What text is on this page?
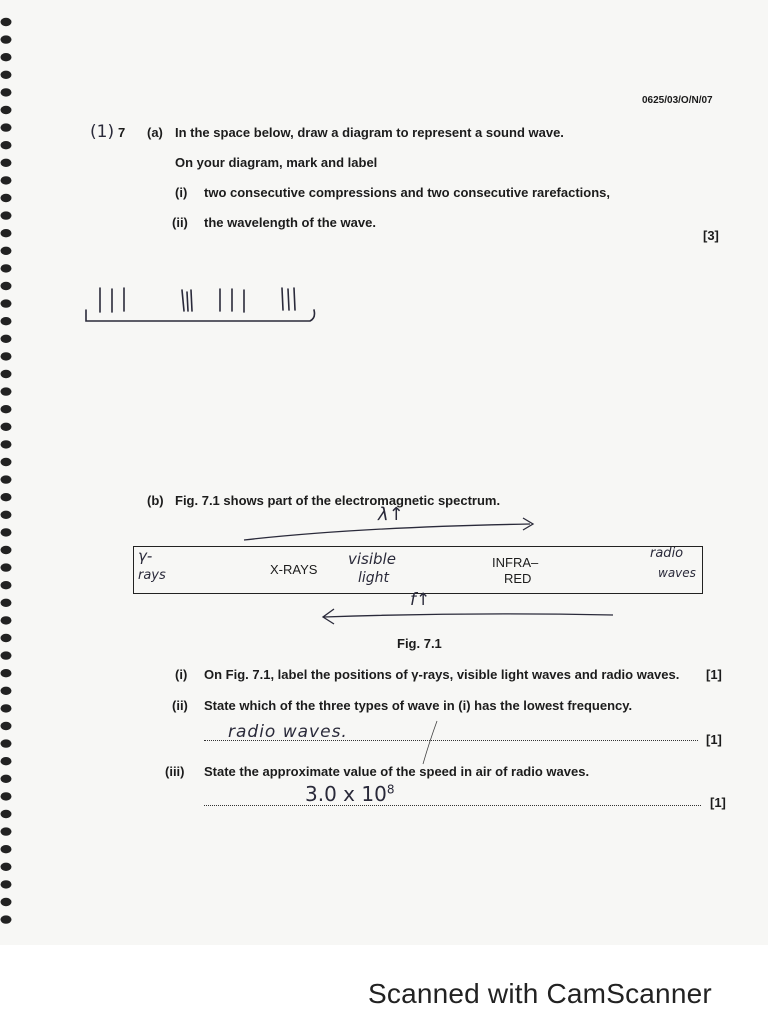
0625/03/O/N/07
(1) 7 (a) In the space below, draw a diagram to represent a sound wave.
On your diagram, mark and label
(i) two consecutive compressions and two consecutive rarefactions,
(ii) the wavelength of the wave.
[3]
(b) Fig. 7.1 shows part of the electromagnetic spectrum.
λ↑
γ-
rays	X-RAYS
visible
light
INFRA–
RED
radio
waves
f↑
Fig. 7.1
(i) On Fig. 7.1, label the positions of γ-rays, visible light waves and radio waves. [1]
(ii) State which of the three types of wave in (i) has the lowest frequency.
radio waves.	[1]
(iii) State the approximate value of the speed in air of radio waves.
3.0 x $10^8$
[1]
Scanned with CamScanner
